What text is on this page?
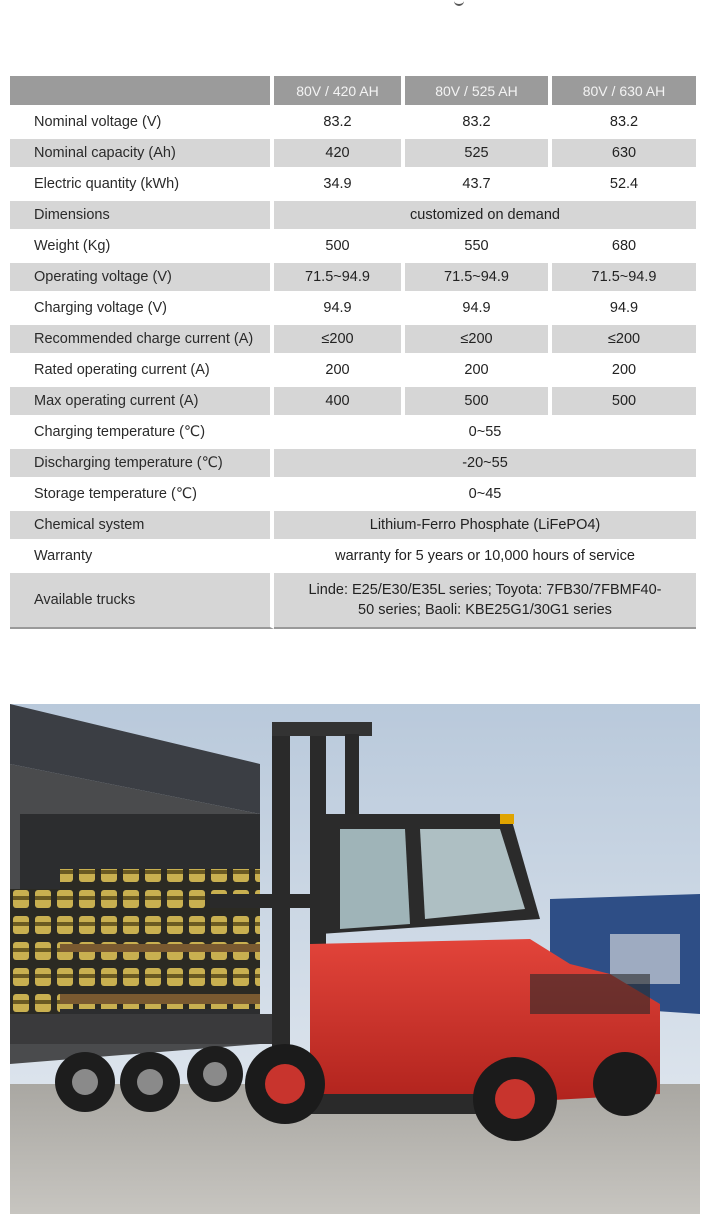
	80V / 420 AH	80V / 525 AH	80V / 630 AH
Nominal voltage (V)	83.2	83.2	83.2
Nominal capacity (Ah)	420	525	630
Electric quantity (kWh)	34.9	43.7	52.4
Dimensions	customized on demand		
Weight (Kg)	500	550	680
Operating voltage (V)	71.5~94.9	71.5~94.9	71.5~94.9
Charging voltage (V)	94.9	94.9	94.9
Recommended charge current (A)	≤200	≤200	≤200
Rated operating current (A)	200	200	200
Max operating current (A)	400	500	500
Charging temperature (℃)	0~55		
Discharging temperature (℃)	-20~55		
Storage temperature (℃)	0~45		
Chemical system	Lithium-Ferro Phosphate (LiFePO4)		
Warranty	warranty for 5 years or 10,000 hours of service		
Available trucks	Linde: E25/E30/E35L series; Toyota: 7FB30/7FBMF40-50 series; Baoli: KBE25G1/30G1 series		
